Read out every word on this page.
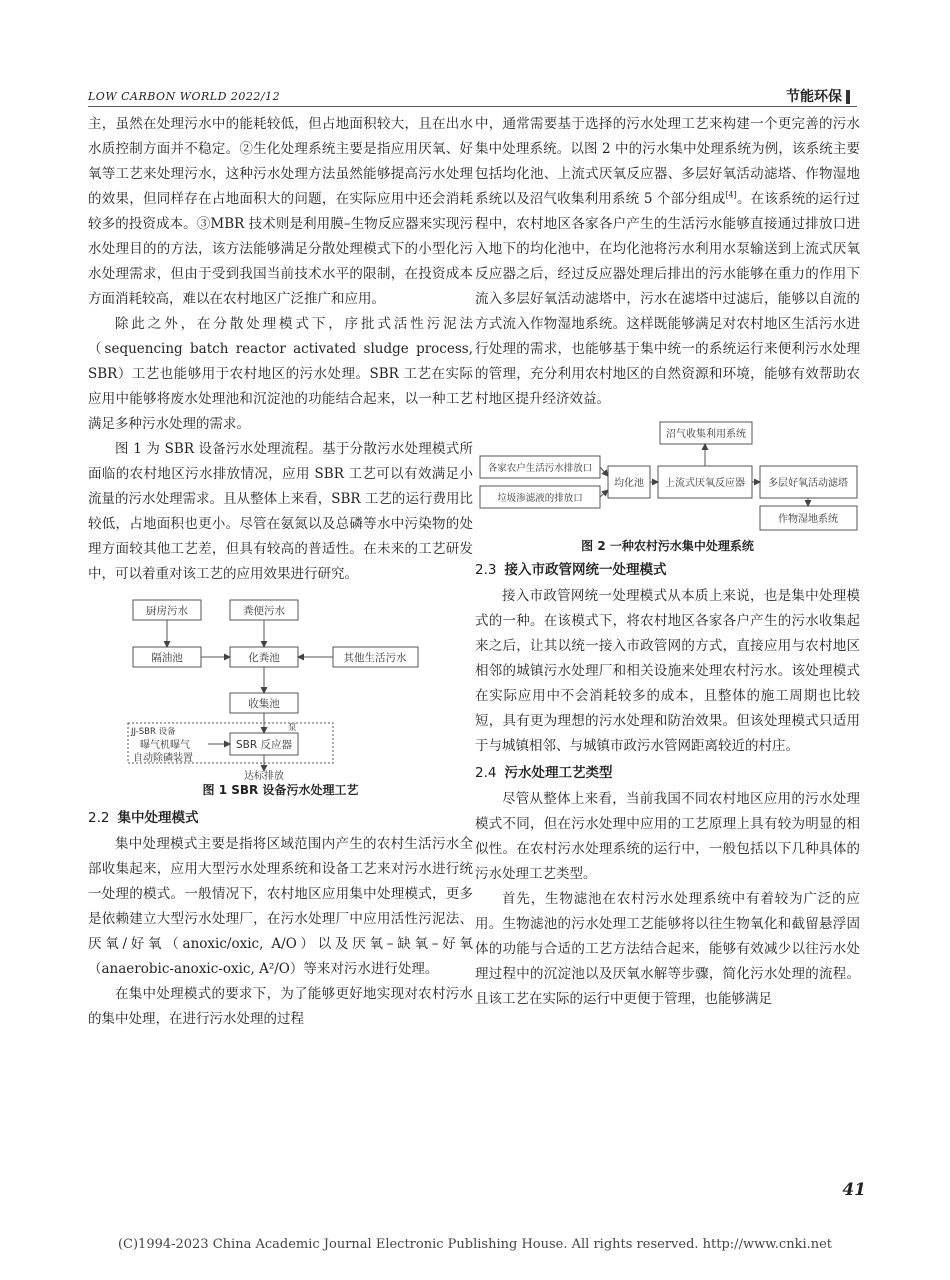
LOW CARBON WORLD 2022/12	节能环保

主，虽然在处理污水中的能耗较低，但占地面积较大，且在出水水质控制方面并不稳定。②生化处理系统主要是指应用厌氧、好氧等工艺来处理污水，这种污水处理方法虽然能够提高污水处理的效果，但同样存在占地面积大的问题，在实际应用中还会消耗较多的投资成本。③MBR 技术则是利用膜–生物反应器来实现污水处理目的的方法，该方法能够满足分散处理模式下的小型化污水处理需求，但由于受到我国当前技术水平的限制，在投资成本方面消耗较高，难以在农村地区广泛推广和应用。

除此之外，在分散处理模式下，序批式活性污泥法（sequencing batch reactor activated sludge process, SBR）工艺也能够用于农村地区的污水处理。SBR 工艺在实际应用中能够将废水处理池和沉淀池的功能结合起来，以一种工艺满足多种污水处理的需求。

图 1 为 SBR 设备污水处理流程。基于分散污水处理模式所面临的农村地区污水排放情况，应用 SBR 工艺可以有效满足小流量的污水处理需求。且从整体上来看，SBR 工艺的运行费用比较低，占地面积也更小。尽管在氨氮以及总磷等水中污染物的处理方面较其他工艺差，但具有较高的普适性。在未来的工艺研发中，可以着重对该工艺的应用效果进行研究。

厨房污水	粪便污水
隔油池	化粪池	其他生活污水
收集池
SBR 反应器
JJ-SBR 设备	泵
曝气机曝气
自动除磷装置
达标排放
图 1 SBR 设备污水处理工艺
2.2 集中处理模式

集中处理模式主要是指将区域范围内产生的农村生活污水全部收集起来，应用大型污水处理系统和设备工艺来对污水进行统一处理的模式。一般情况下，农村地区应用集中处理模式，更多是依赖建立大型污水处理厂，在污水处理厂中应用活性污泥法、厌氧/好氧（anoxic/oxic, A/O）以及厌氧–缺氧–好氧（anaerobic-anoxic-oxic, A²/O）等来对污水进行处理。

在集中处理模式的要求下，为了能够更好地实现对农村污水的集中处理，在进行污水处理的过程

中，通常需要基于选择的污水处理工艺来构建一个更完善的污水集中处理系统。以图 2 中的污水集中处理系统为例，该系统主要包括均化池、上流式厌氧反应器、多层好氧活动滤塔、作物湿地系统以及沼气收集利用系统 5 个部分组成[4]。在该系统的运行过程中，农村地区各家各户产生的生活污水能够直接通过排放口进入地下的均化池中，在均化池将污水利用水泵输送到上流式厌氧反应器之后，经过反应器处理后排出的污水能够在重力的作用下流入多层好氧活动滤塔中，污水在滤塔中过滤后，能够以自流的方式流入作物湿地系统。这样既能够满足对农村地区生活污水进行处理的需求，也能够基于集中统一的系统运行来便利污水处理的管理，充分利用农村地区的自然资源和环境，能够有效帮助农村地区提升经济效益。

沼气收集利用系统
各家农户生活污水排放口
垃圾渗滤液的排放口
均化池 上流式厌氧反应器 多层好氧活动滤塔
作物湿地系统
图 2 一种农村污水集中处理系统
2.3 接入市政管网统一处理模式

接入市政管网统一处理模式从本质上来说，也是集中处理模式的一种。在该模式下，将农村地区各家各户产生的污水收集起来之后，让其以统一接入市政管网的方式，直接应用与农村地区相邻的城镇污水处理厂和相关设施来处理农村污水。该处理模式在实际应用中不会消耗较多的成本，且整体的施工周期也比较短，具有更为理想的污水处理和防治效果。但该处理模式只适用于与城镇相邻、与城镇市政污水管网距离较近的村庄。

2.4 污水处理工艺类型

尽管从整体上来看，当前我国不同农村地区应用的污水处理模式不同，但在污水处理中应用的工艺原理上具有较为明显的相似性。在农村污水处理系统的运行中，一般包括以下几种具体的污水处理工艺类型。

首先，生物滤池在农村污水处理系统中有着较为广泛的应用。生物滤池的污水处理工艺能够将以往生物氧化和截留悬浮固体的功能与合适的工艺方法结合起来，能够有效减少以往污水处理过程中的沉淀池以及厌氧水解等步骤，简化污水处理的流程。且该工艺在实际的运行中更便于管理，也能够满足

41
(C)1994-2023 China Academic Journal Electronic Publishing House. All rights reserved. http://www.cnki.net
